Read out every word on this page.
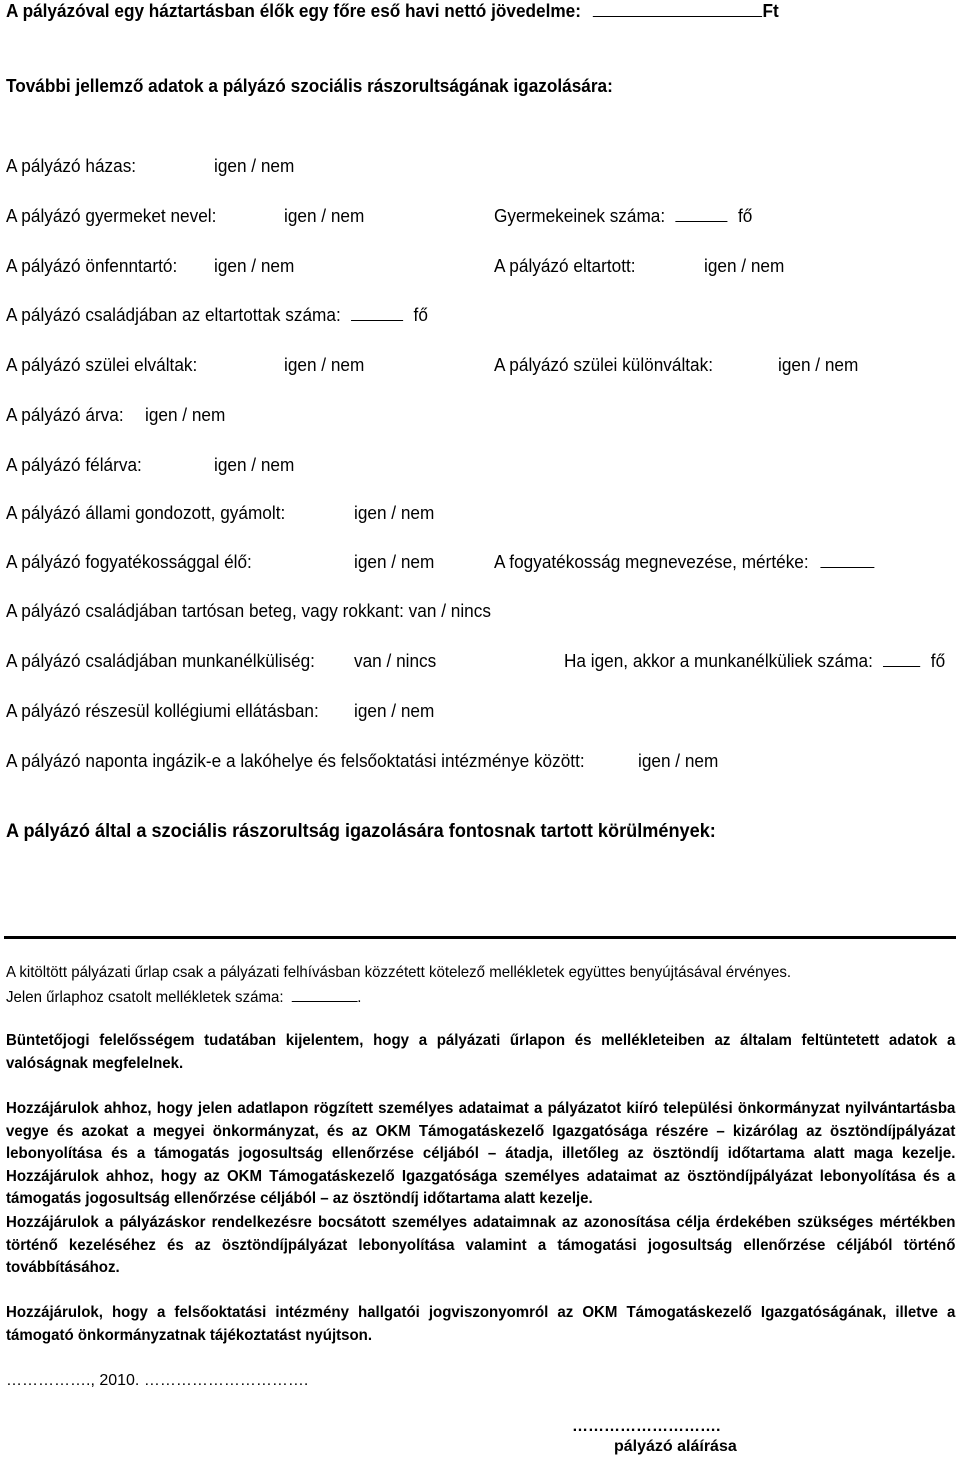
A pályázóval egy háztartásban élők egy főre eső havi nettó jövedelme:	Ft
További jellemző adatok a pályázó szociális rászorultságának igazolására:
A pályázó házas:	igen / nem
A pályázó gyermeket nevel:	igen / nem	Gyermekeinek száma:	fő
A pályázó önfenntartó: igen / nem	A pályázó eltartott:	igen / nem
A pályázó családjában az eltartottak száma:	fő
A pályázó szülei elváltak:	igen / nem	A pályázó szülei különváltak:	igen / nem
A pályázó árva: igen / nem
A pályázó félárva:	igen / nem
A pályázó állami gondozott, gyámolt:	igen / nem
A pályázó fogyatékossággal élő:	igen / nem	A fogyatékosság megnevezése, mértéke:
A pályázó családjában tartósan beteg, vagy rokkant: van / nincs
A pályázó családjában munkanélküliség: van / nincs	Ha igen, akkor a munkanélküliek száma:	fő
A pályázó részesül kollégiumi ellátásban: igen / nem
A pályázó naponta ingázik-e a lakóhelye és felsőoktatási intézménye között:	igen / nem
A pályázó által a szociális rászorultság igazolására fontosnak tartott körülmények:
A kitöltött pályázati űrlap csak a pályázati felhívásban közzétett kötelező mellékletek együttes benyújtásával érvényes.
Jelen űrlaphoz csatolt mellékletek száma:	.
Büntetőjogi felelősségem tudatában kijelentem, hogy a pályázati űrlapon és mellékleteiben az általam feltüntetett adatok a valóságnak megfelelnek.
Hozzájárulok ahhoz, hogy jelen adatlapon rögzített személyes adataimat a pályázatot kiíró települési önkormányzat nyilvántartásba vegye és azokat a megyei önkormányzat, és az OKM Támogatáskezelő Igazgatósága részére – kizárólag az ösztöndíjpályázat lebonyolítása és a támogatás jogosultság ellenőrzése céljából – átadja, illetőleg az ösztöndíj időtartama alatt maga kezelje. Hozzájárulok ahhoz, hogy az OKM Támogatáskezelő Igazgatósága személyes adataimat az ösztöndíjpályázat lebonyolítása és a támogatás jogosultság ellenőrzése céljából – az ösztöndíj időtartama alatt kezelje.
Hozzájárulok a pályázáskor rendelkezésre bocsátott személyes adataimnak az azonosítása célja érdekében szükséges mértékben történő kezeléséhez és az ösztöndíjpályázat lebonyolítása valamint a támogatási jogosultság ellenőrzése céljából történő továbbításához.
Hozzájárulok, hogy a felsőoktatási intézmény hallgatói jogviszonyomról az OKM Támogatáskezelő Igazgatóságának, illetve a támogató önkormányzatnak tájékoztatást nyújtson.
……………., 2010. ………………………….
……………………….
pályázó aláírása
